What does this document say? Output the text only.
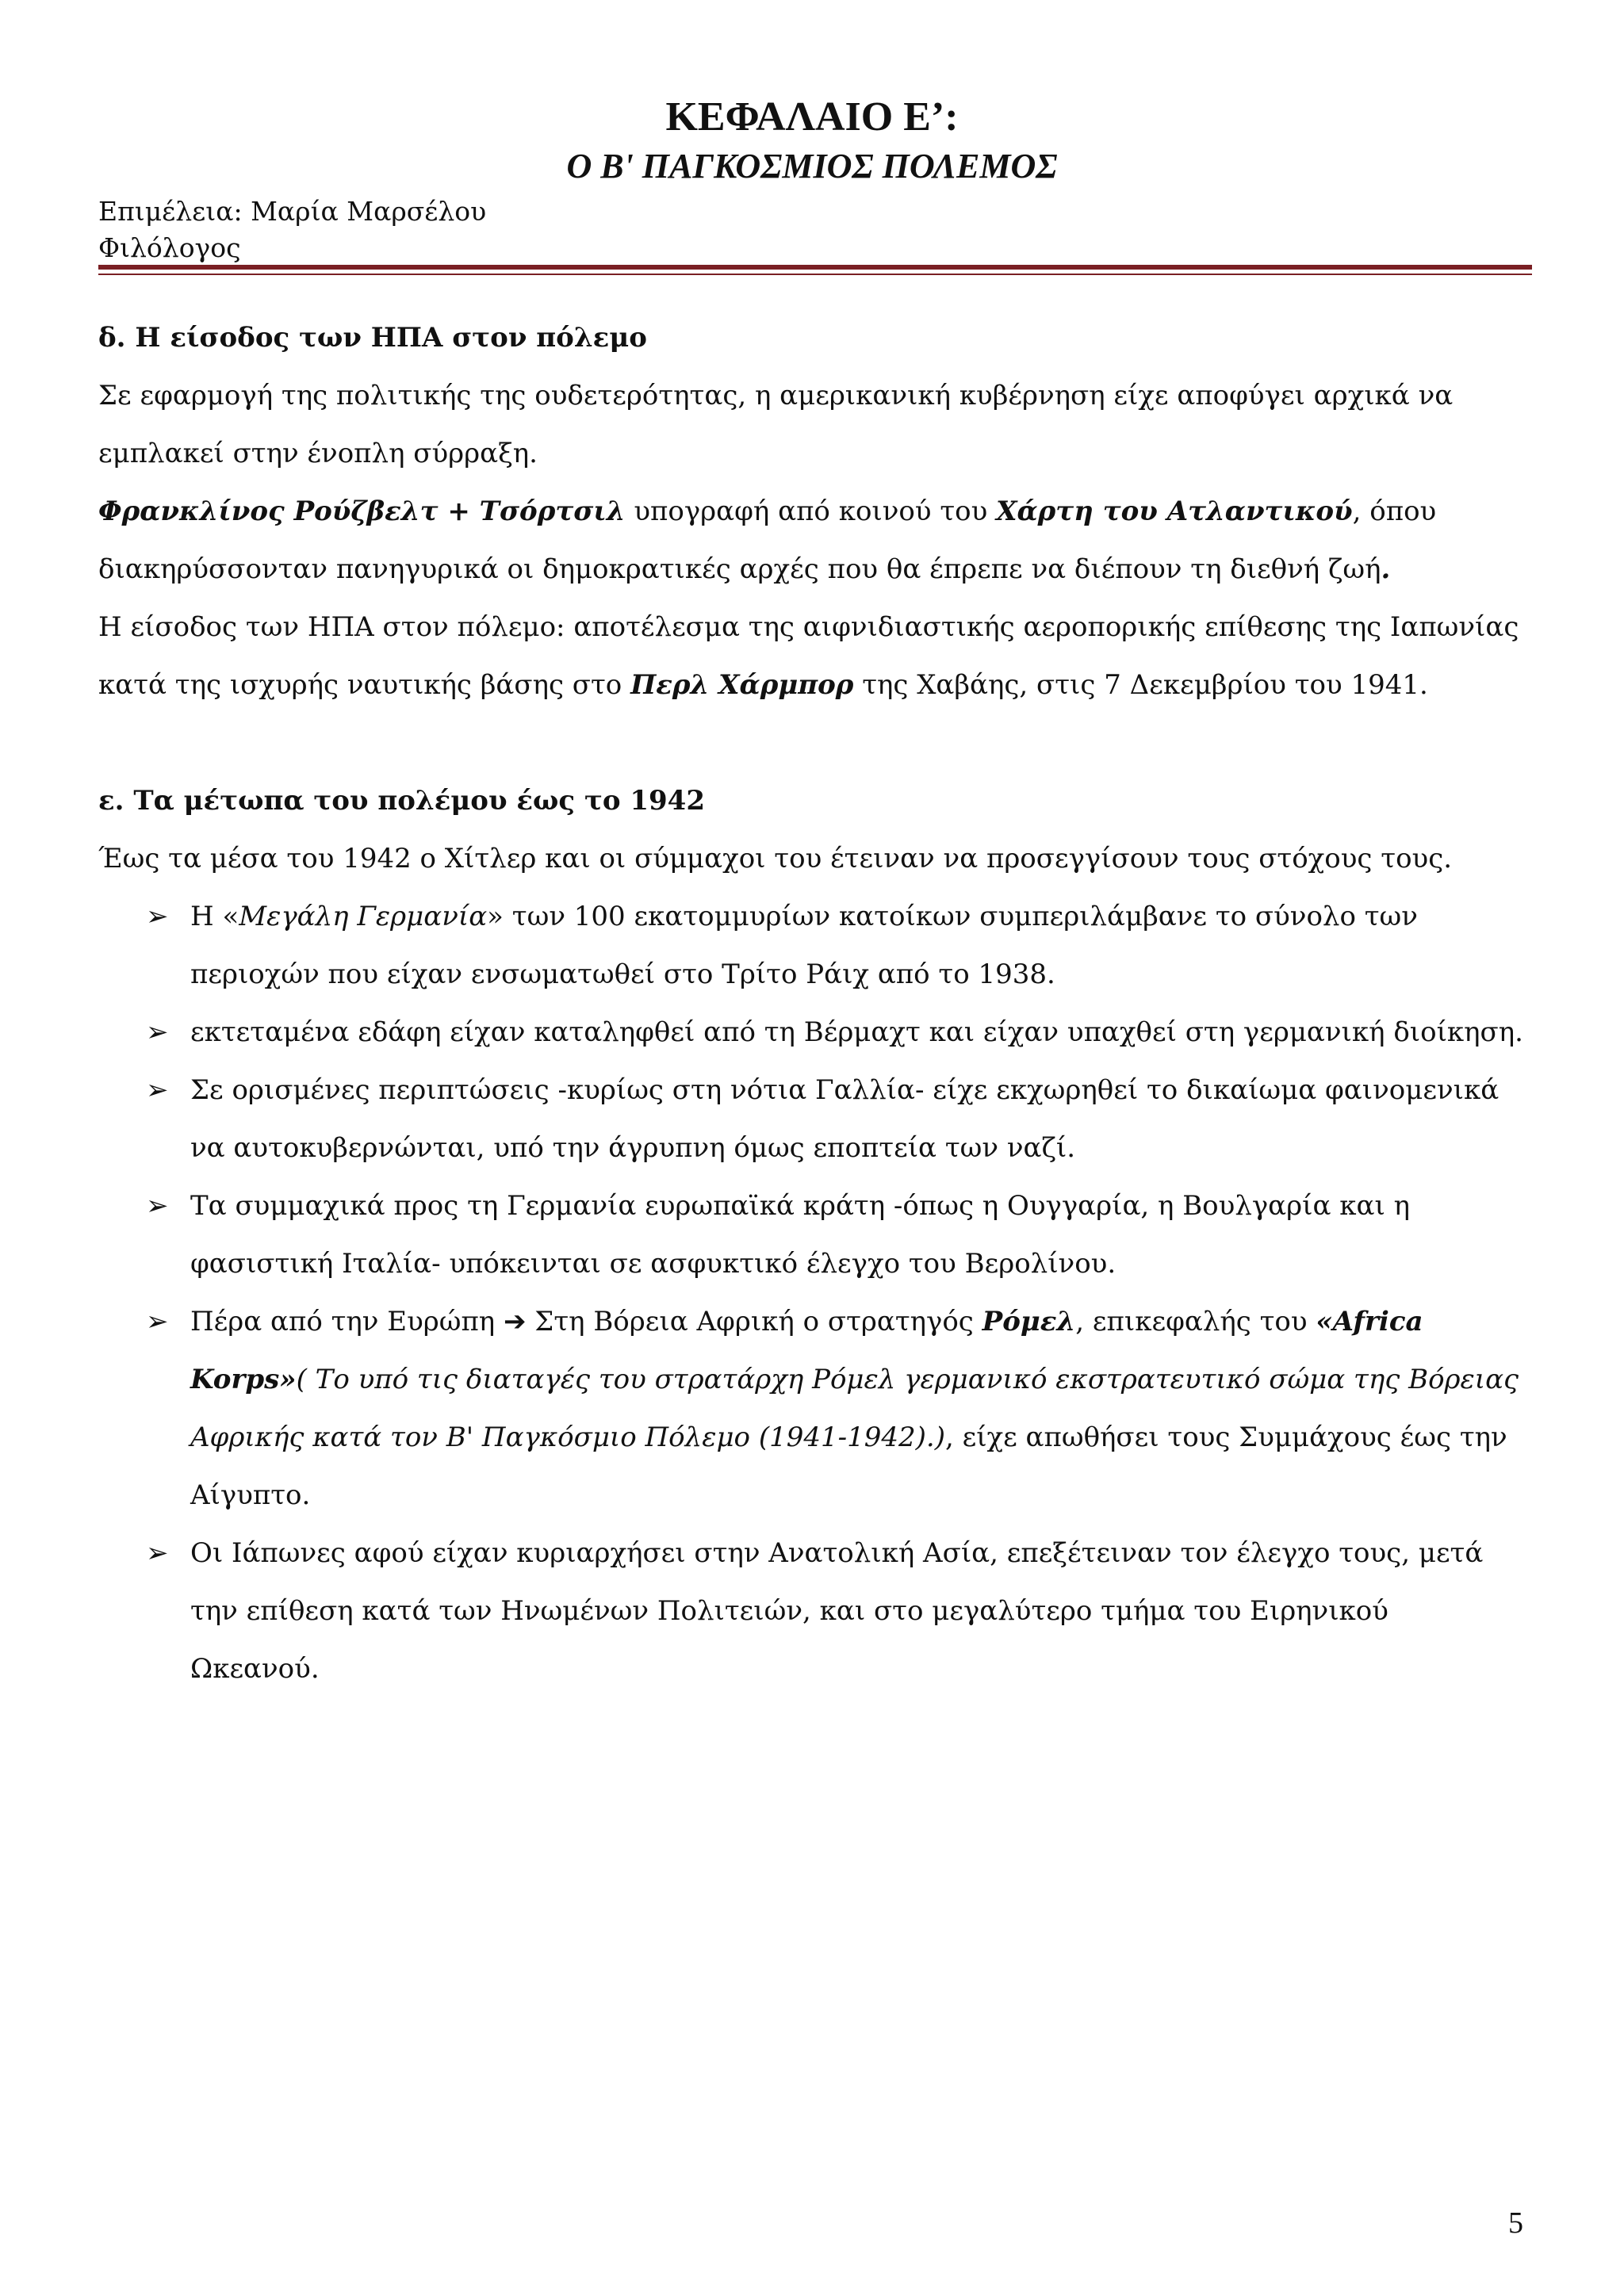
ΚΕΦΑΛΑΙΟ Ε’:
Ο Β' ΠΑΓΚΟΣΜΙΟΣ ΠΟΛΕΜΟΣ
Επιμέλεια: Μαρία Μαρσέλου
Φιλόλογος

δ. Η είσοδος των ΗΠΑ στον πόλεμο

Σε εφαρμογή της πολιτικής της ουδετερότητας, η αμερικανική κυβέρνηση είχε αποφύγει αρχικά να εμπλακεί στην ένοπλη σύρραξη.

Φρανκλίνος Ρούζβελτ + Τσόρτσιλ υπογραφή από κοινού του Χάρτη του Ατλαντικού, όπου διακηρύσσονταν πανηγυρικά οι δημοκρατικές αρχές που θα έπρεπε να διέπουν τη διεθνή ζωή.

Η είσοδος των ΗΠΑ στον πόλεμο: αποτέλεσμα της αιφνιδιαστικής αεροπορικής επίθεσης της Ιαπωνίας κατά της ισχυρής ναυτικής βάσης στο Περλ Χάρμπορ της Χαβάης, στις 7 Δεκεμβρίου του 1941.

ε. Τα μέτωπα του πολέμου έως το 1942

Έως τα μέσα του 1942 ο Χίτλερ και οι σύμμαχοι του έτειναν να προσεγγίσουν τους στόχους τους.

➢ Η «Μεγάλη Γερμανία» των 100 εκατομμυρίων κατοίκων συμπεριλάμβανε το σύνολο των περιοχών που είχαν ενσωματωθεί στο Τρίτο Ράιχ από το 1938.
➢ εκτεταμένα εδάφη είχαν καταληφθεί από τη Βέρμαχτ και είχαν υπαχθεί στη γερμανική διοίκηση.
➢ Σε ορισμένες περιπτώσεις -κυρίως στη νότια Γαλλία- είχε εκχωρηθεί το δικαίωμα φαινομενικά να αυτοκυβερνώνται, υπό την άγρυπνη όμως εποπτεία των ναζί.
➢ Τα συμμαχικά προς τη Γερμανία ευρωπαϊκά κράτη -όπως η Ουγγαρία, η Βουλγαρία και η φασιστική Ιταλία- υπόκεινται σε ασφυκτικό έλεγχο του Βερολίνου.
➢ Πέρα από την Ευρώπη ➔ Στη Βόρεια Αφρική ο στρατηγός Ρόμελ, επικεφαλής του «Africa Korps»( Το υπό τις διαταγές του στρατάρχη Ρόμελ γερμανικό εκστρατευτικό σώμα της Βόρειας Αφρικής κατά τον Β' Παγκόσμιο Πόλεμο (1941-1942).), είχε απωθήσει τους Συμμάχους έως την Αίγυπτο.
➢ Οι Ιάπωνες αφού είχαν κυριαρχήσει στην Ανατολική Ασία, επεξέτειναν τον έλεγχο τους, μετά την επίθεση κατά των Ηνωμένων Πολιτειών, και στο μεγαλύτερο τμήμα του Ειρηνικού Ωκεανού.
5
